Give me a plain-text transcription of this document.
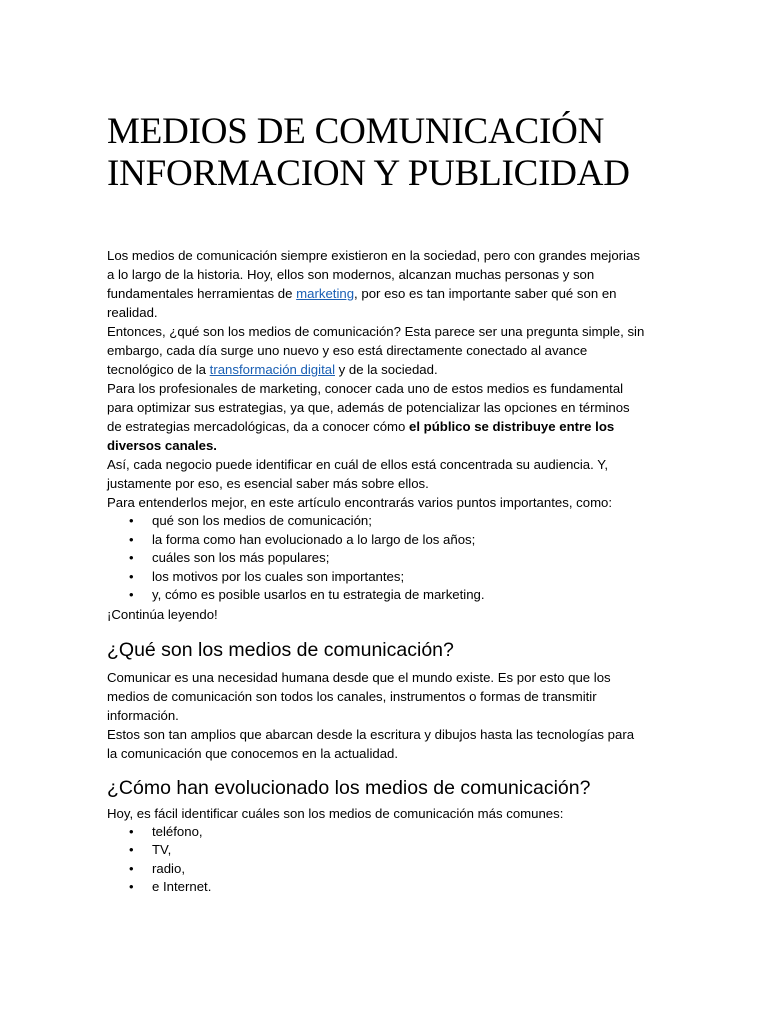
MEDIOS DE COMUNICACIÓN
INFORMACION Y PUBLICIDAD
Los medios de comunicación siempre existieron en la sociedad, pero con grandes mejorias
a lo largo de la historia. Hoy, ellos son modernos, alcanzan muchas personas y son
fundamentales herramientas de marketing, por eso es tan importante saber qué son en
realidad.
Entonces, ¿qué son los medios de comunicación? Esta parece ser una pregunta simple, sin
embargo, cada día surge uno nuevo y eso está directamente conectado al avance
tecnológico de la transformación digital y de la sociedad.
Para los profesionales de marketing, conocer cada uno de estos medios es fundamental
para optimizar sus estrategias, ya que, además de potencializar las opciones en términos
de estrategias mercadológicas, da a conocer cómo el público se distribuye entre los
diversos canales.
Así, cada negocio puede identificar en cuál de ellos está concentrada su audiencia. Y,
justamente por eso, es esencial saber más sobre ellos.
Para entenderlos mejor, en este artículo encontrarás varios puntos importantes, como:
• qué son los medios de comunicación;
• la forma como han evolucionado a lo largo de los años;
• cuáles son los más populares;
• los motivos por los cuales son importantes;
• y, cómo es posible usarlos en tu estrategia de marketing.
¡Continúa leyendo!
¿Qué son los medios de comunicación?
Comunicar es una necesidad humana desde que el mundo existe. Es por esto que los
medios de comunicación son todos los canales, instrumentos o formas de transmitir
información.
Estos son tan amplios que abarcan desde la escritura y dibujos hasta las tecnologías para
la comunicación que conocemos en la actualidad.
¿Cómo han evolucionado los medios de comunicación?
Hoy, es fácil identificar cuáles son los medios de comunicación más comunes:
• teléfono,
• TV,
• radio,
• e Internet.
